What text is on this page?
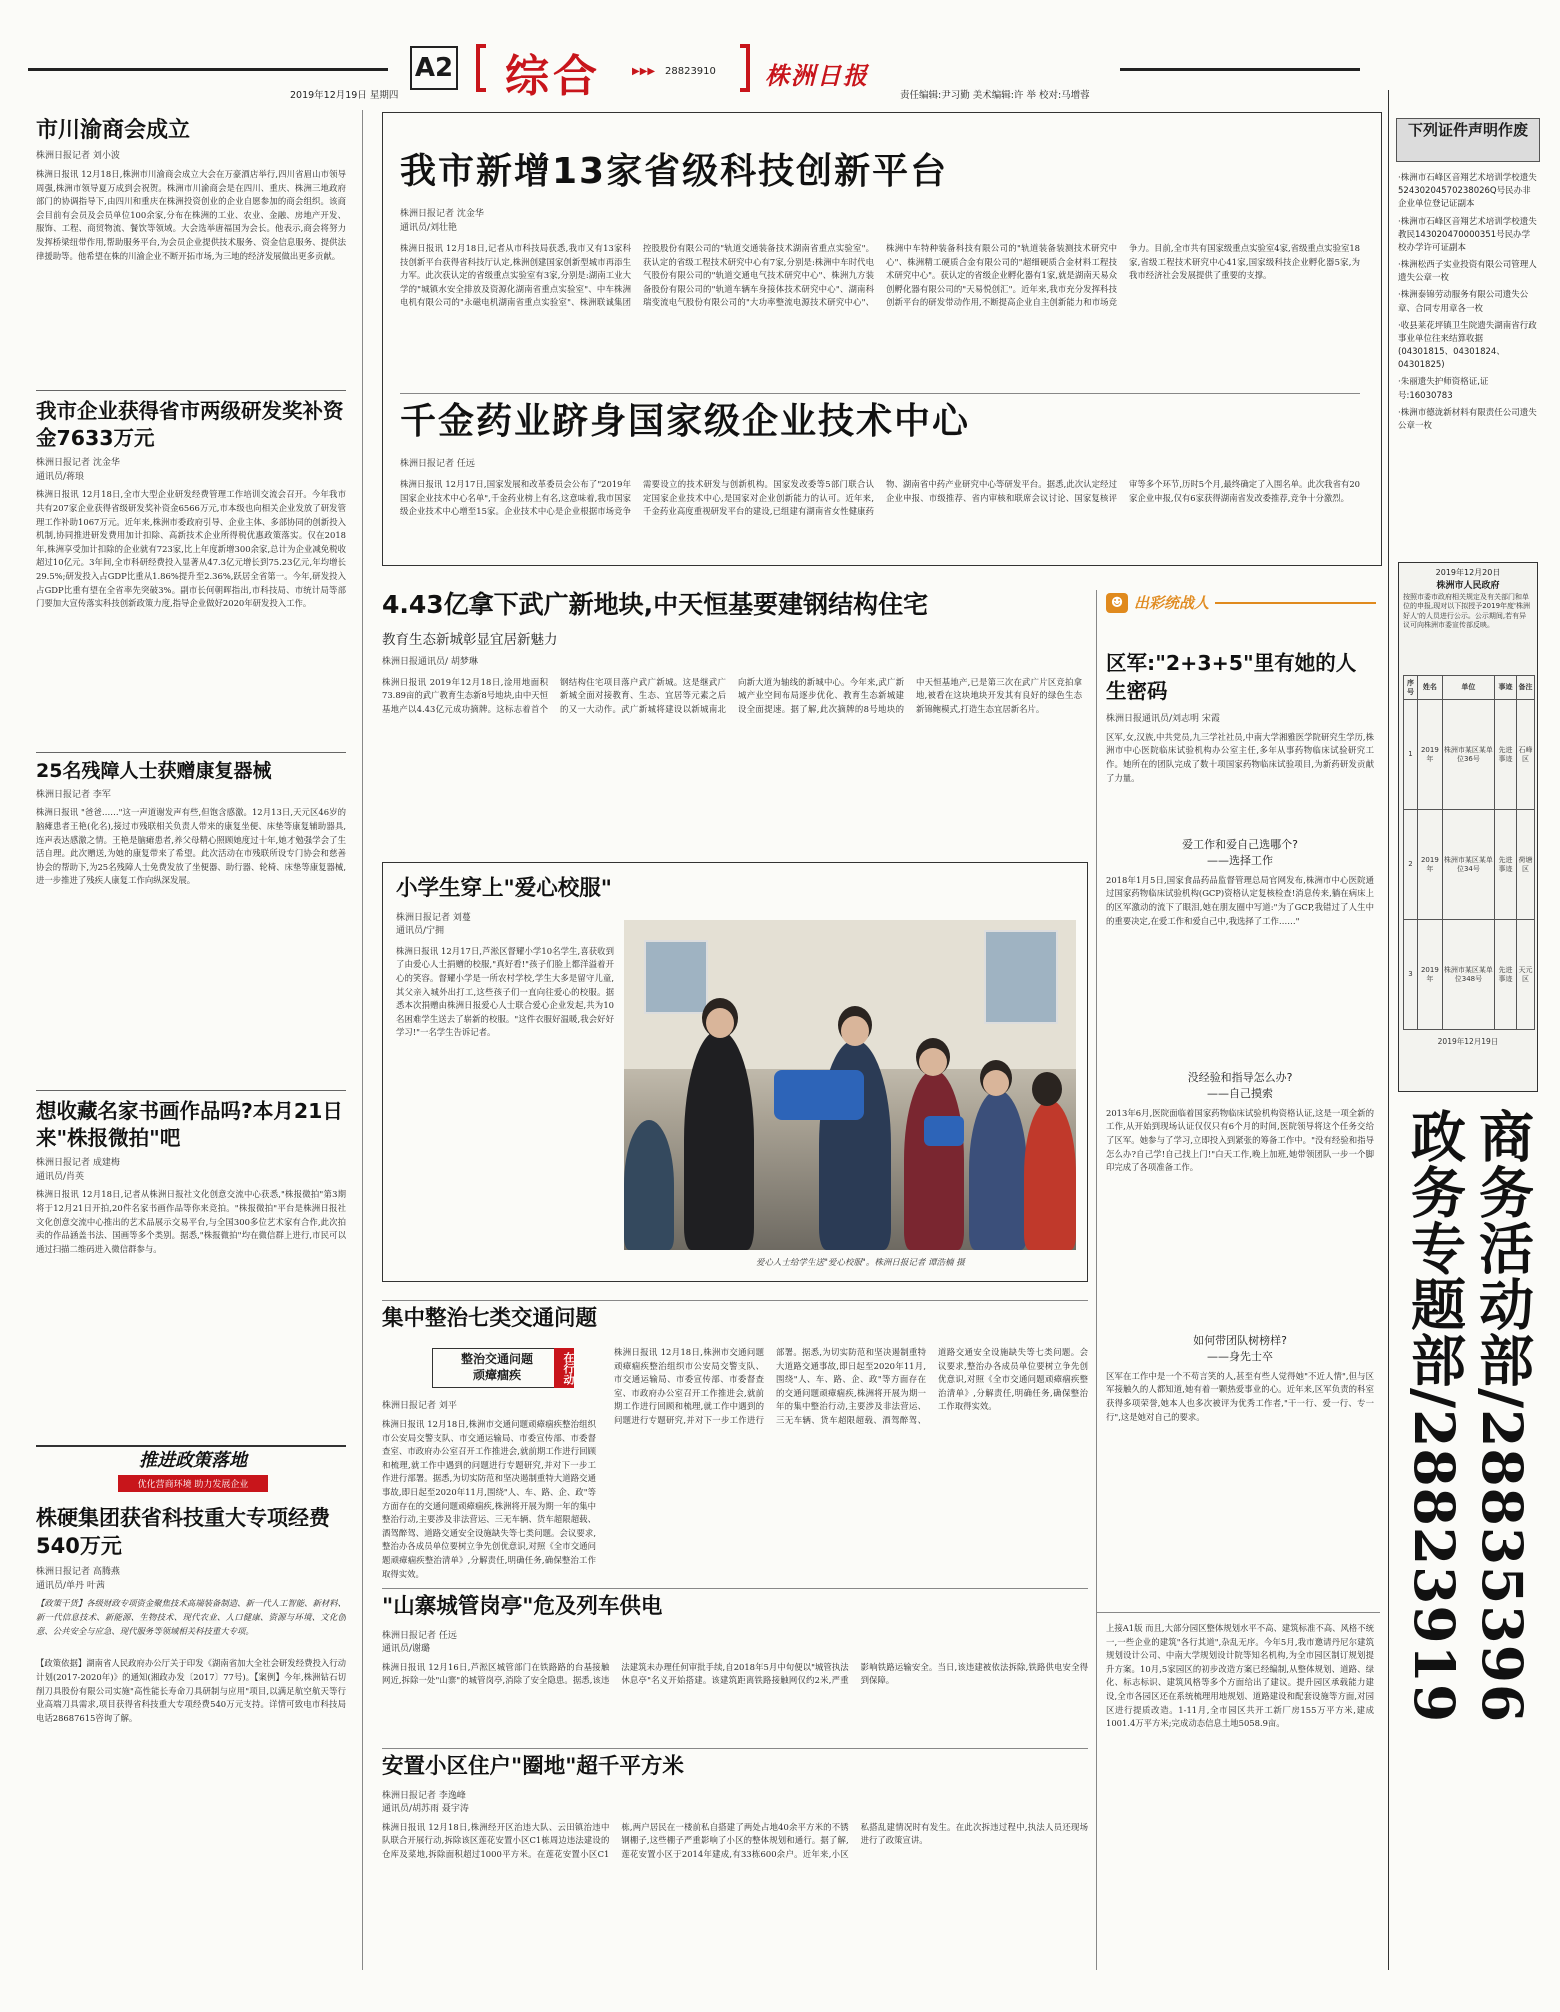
2019年12月19日 星期四
A2 综合	▶▶▶ 28823910 株洲日报
责任编辑:尹习勤 美术编辑:许 举 校对:马增蓉
市川渝商会成立
株洲日报记者 刘小波
株洲日报讯 12月18日,株洲市川渝商会成立大会在万豪酒店举行,四川省眉山市领导周强,株洲市领导夏万成到会祝贺。株洲市川渝商会是在四川、重庆、株洲三地政府部门的协调指导下,由四川和重庆在株洲投资创业的企业自愿参加的商会组织。该商会目前有会员及会员单位100余家,分布在株洲的工业、农业、金融、房地产开发、服饰、工程、商贸物流、餐饮等领域。大会选举唐福国为会长。他表示,商会将努力发挥桥梁纽带作用,帮助服务平台,为会员企业提供技术服务、资金信息服务、提供法律援助等。他希望在株的川渝企业不断开拓市场,为三地的经济发展做出更多贡献。
我市企业获得省市两级研发奖补资金7633万元
株洲日报记者 沈金华
通讯员/蒋琅
株洲日报讯 12月18日,全市大型企业研发经费管理工作培训交流会召开。今年我市共有207家企业获得省级研发奖补资金6566万元,市本级也向相关企业发放了研发管理工作补助1067万元。近年来,株洲市委政府引导、企业主体、多部协同的创新投入机制,协同推进研发费用加计扣除、高新技术企业所得税优惠政策落实。仅在2018年,株洲享受加计扣除的企业就有723家,比上年度新增300余家,总计为企业减免税收超过10亿元。3年间,全市科研经费投入显著从47.3亿元增长到75.23亿元,年均增长29.5%;研发投入占GDP比重从1.86%提升至2.36%,跃居全省第一。今年,研发投入占GDP比重有望在全省率先突破3%。副市长何朝晖指出,市科技局、市统计局等部门要加大宣传落实科技创新政策力度,指导企业做好2020年研发投入工作。
25名残障人士获赠康复器械
株洲日报记者 李军
株洲日报讯 "爸爸……"这一声道谢发声有些,但饱含感激。12月13日,天元区46岁的脑瘫患者王艳(化名),接过市残联相关负责人带来的康复坐便、床垫等康复辅助器具,连声表达感激之情。王艳是脑瘫患者,养父母精心照顾她度过十年,她才勉强学会了生活自理。此次赠送,为她的康复带来了希望。此次活动在市残联所设专门协会和慈善协会的帮助下,为25名残障人士免费发放了坐便器、助行器、轮椅、床垫等康复器械,进一步推进了残疾人康复工作向纵深发展。
想收藏名家书画作品吗?本月21日来"株报微拍"吧
株洲日报记者 成建梅
通讯员/肖英
株洲日报讯 12月18日,记者从株洲日报社文化创意交流中心获悉,"株报微拍"第3期将于12月21日开拍,20件名家书画作品等你来竞拍。"株报微拍"平台是株洲日报社文化创意交流中心推出的艺术品展示交易平台,与全国300多位艺术家有合作,此次拍卖的作品涵盖书法、国画等多个类别。据悉,"株报微拍"均在微信群上进行,市民可以通过扫描二维码进入微信群参与。
推进政策落地
优化营商环境 助力发展企业
株硬集团获省科技重大专项经费540万元
株洲日报记者 高腾燕
通讯员/单丹 叶茜
【政策干货】各级财政专项资金聚焦技术高端装备制造、新一代人工智能、新材料、新一代信息技术、新能源、生物技术、现代农业、人口健康、资源与环境、文化创意、公共安全与应急、现代服务等领域相关科技重大专项。
【政策依据】湖南省人民政府办公厅关于印发《湖南省加大全社会研发经费投入行动计划(2017-2020年)》的通知(湘政办发〔2017〕77号)。【案例】今年,株洲钻石切削刀具股份有限公司实施"高性能长寿命刀具研制与应用"项目,以满足航空航天等行业高端刀具需求,项目获得省科技重大专项经费540万元支持。详情可致电市科技局电话28687615咨询了解。
我市新增13家省级科技创新平台
株洲日报记者 沈金华
通讯员/刘壮艳
株洲日报讯 12月18日,记者从市科技局获悉,我市又有13家科技创新平台获得省科技厅认定,株洲创建国家创新型城市再添生力军。此次获认定的省级重点实验室有3家,分别是:湖南工业大学的"城镇水安全排放及资源化湖南省重点实验室"、中车株洲电机有限公司的"永磁电机湖南省重点实验室"、株洲联诚集团控股股份有限公司的"轨道交通装备技术湖南省重点实验室"。获认定的省级工程技术研究中心有7家,分别是:株洲中车时代电气股份有限公司的"轨道交通电气技术研究中心"、株洲九方装备股份有限公司的"轨道车辆车身接体技术研究中心"、湖南科瑞变流电气股份有限公司的"大功率整流电源技术研究中心"、株洲中车特种装备科技有限公司的"轨道装备装测技术研究中心"、株洲精工硬质合金有限公司的"超细硬质合金材料工程技术研究中心"。获认定的省级企业孵化器有1家,就是湖南天易众创孵化器有限公司的"天易悦创汇"。近年来,我市充分发挥科技创新平台的研发带动作用,不断提高企业自主创新能力和市场竞争力。目前,全市共有国家级重点实验室4家,省级重点实验室18家,省级工程技术研究中心41家,国家级科技企业孵化器5家,为我市经济社会发展提供了重要的支撑。
千金药业跻身国家级企业技术中心
株洲日报记者 任远
株洲日报讯 12月17日,国家发展和改革委员会公布了"2019年国家企业技术中心名单",千金药业榜上有名,这意味着,我市国家级企业技术中心增至15家。企业技术中心是企业根据市场竞争需要设立的技术研发与创新机构。国家发改委等5部门联合认定国家企业技术中心,是国家对企业创新能力的认可。近年来,千金药业高度重视研发平台的建设,已组建有湖南省女性健康药物、湖南省中药产业研究中心等研发平台。据悉,此次认定经过企业申报、市级推荐、省内审核和联席会议讨论、国家复核评审等多个环节,历时5个月,最终确定了入围名单。此次我省有20家企业申报,仅有6家获得湖南省发改委推荐,竞争十分激烈。
4.43亿拿下武广新地块,中天恒基要建钢结构住宅
教育生态新城彰显宜居新魅力
株洲日报通讯员/ 胡梦琳
株洲日报讯 2019年12月18日,淦用地面积73.89亩的武广教育生态新8号地块,由中天恒基地产以4.43亿元成功摘牌。这标志着首个钢结构住宅项目落户武广新城。这是继武广新城全面对接教育、生态、宜居等元素之后的又一大动作。武广新城将建设以新城南北向新大道为轴线的新城中心。今年来,武广新城产业空间布局逐步优化、教育生态新城建设全面提速。据了解,此次摘牌的8号地块的中天恒基地产,已是第三次在武广片区竞拍拿地,被看在这块地块开发其有良好的绿色生态新锦鲍模式,打造生态宜居新名片。
小学生穿上"爱心校服"
株洲日报记者 刘蔓
通讯员/宁拥
株洲日报讯 12月17日,芦淞区督耀小学10名学生,喜获收到了由爱心人士捐赠的校服,"真好看!"孩子们脸上都洋溢着开心的笑容。督耀小学是一所农村学校,学生大多是留守儿童,其父亲入城外出打工,这些孩子们一直向往爱心的校服。据悉本次捐赠由株洲日报爱心人士联合爱心企业发起,共为10名困难学生送去了崭新的校服。"这件衣服好温暖,我会好好学习!"一名学生告诉记者。
爱心人士给学生送"爱心校服"。株洲日报记者 谭浩楠 摄
集中整治七类交通问题
整治交通问题
顽瘴痼疾	在行动
株洲日报记者 刘平
株洲日报讯 12月18日,株洲市交通问题顽瘴痼疾整治组织市公安局交警支队、市交通运输局、市委宣传部、市委督查室、市政府办公室召开工作推进会,就前期工作进行回顾和梳理,就工作中遇到的问题进行专题研究,并对下一步工作进行部署。据悉,为切实防范和坚决遏制重特大道路交通事故,即日起至2020年11月,围绕"人、车、路、企、政"等方面存在的交通问题顽瘴痼疾,株洲将开展为期一年的集中整治行动,主要涉及非法营运、三无车辆、货车超限超载、酒驾醉驾、道路交通安全设施缺失等七类问题。会议要求,整治办各成员单位要树立争先创优意识,对照《全市交通问题顽瘴痼疾整治清单》,分解责任,明确任务,确保整治工作取得实效。
株洲日报讯 12月18日,株洲市交通问题顽瘴痼疾整治组织市公安局交警支队、市交通运输局、市委宣传部、市委督查室、市政府办公室召开工作推进会,就前期工作进行回顾和梳理,就工作中遇到的问题进行专题研究,并对下一步工作进行部署。据悉,为切实防范和坚决遏制重特大道路交通事故,即日起至2020年11月,围绕"人、车、路、企、政"等方面存在的交通问题顽瘴痼疾,株洲将开展为期一年的集中整治行动,主要涉及非法营运、三无车辆、货车超限超载、酒驾醉驾、道路交通安全设施缺失等七类问题。会议要求,整治办各成员单位要树立争先创优意识,对照《全市交通问题顽瘴痼疾整治清单》,分解责任,明确任务,确保整治工作取得实效。
"山寨城管岗亭"危及列车供电
株洲日报记者 任远
通讯员/谢璐
株洲日报讯 12月16日,芦淞区城管部门在铁路路的台基接触网近,拆除一处"山寨"的城管岗亭,消除了安全隐患。据悉,该违法建筑未办理任何审批手续,自2018年5月中旬便以"城管执法休息亭"名义开始搭建。该建筑距离铁路接触网仅约2米,严重影响铁路运输安全。当日,该违建被依法拆除,铁路供电安全得到保障。
安置小区住户"圈地"超千平方米
株洲日报记者 李逸峰
通讯员/胡苏雨 聂宇涛
株洲日报讯 12月18日,株洲经开区治违大队、云田镇治违中队联合开展行动,拆除该区莲花安置小区C1栋周边违法建设的仓库及菜地,拆除面积超过1000平方米。在莲花安置小区C1栋,两户居民在一楼前私自搭建了两处占地40余平方米的不锈钢棚子,这些棚子严重影响了小区的整体规划和通行。据了解,莲花安置小区于2014年建成,有33栋600余户。近年来,小区私搭乱建情况时有发生。在此次拆违过程中,执法人员还现场进行了政策宣讲。
☻ 出彩统战人
区军:"2+3+5"里有她的人生密码
株洲日报通讯员/刘志明 宋霞
区军,女,汉族,中共党员,九三学社社员,中南大学湘雅医学院研究生学历,株洲市中心医院临床试验机构办公室主任,多年从事药物临床试验研究工作。她所在的团队完成了数十项国家药物临床试验项目,为新药研发贡献了力量。
爱工作和爱自己选哪个?
——选择工作
2018年1月5日,国家食品药品监督管理总局官网发布,株洲市中心医院通过国家药物临床试验机构(GCP)资格认定复核检查!消息传来,躺在病床上的区军激动的流下了眼泪,她在朋友圈中写道:"为了GCP,我错过了人生中的重要决定,在爱工作和爱自己中,我选择了工作……"
没经验和指导怎么办?
——自己摸索
2013年6月,医院面临着国家药物临床试验机构资格认证,这是一项全新的工作,从开始到现场认证仅仅只有6个月的时间,医院领导将这个任务交给了区军。她参与了学习,立即投入到紧张的筹备工作中。"没有经验和指导怎么办?自己学!自己找上门!"白天工作,晚上加班,她带领团队一步一个脚印完成了各项准备工作。
如何带团队树榜样?
——身先士卒
区军在工作中是一个不苟言笑的人,甚至有些人觉得她"不近人情",但与区军接触久的人都知道,她有着一颗热爱事业的心。近年来,区军负责的科室获得多项荣誉,她本人也多次被评为优秀工作者,"干一行、爱一行、专一行",这是她对自己的要求。
上接A1版 而且,大部分园区整体规划水平不高、建筑标准不高、风格不统一,一些企业的建筑"各行其道",杂乱无序。今年5月,我市邀请丹尼尔建筑规划设计公司、中南大学规划设计院等知名机构,为全市园区制订规划提升方案。10月,5家园区的初步改造方案已经编制,从整体规划、道路、绿化、标志标识、建筑风格等多个方面给出了建议。提升园区承载能力建设,全市各园区还在系统梳理用地规划、道路建设和配套设施等方面,对园区进行提质改造。1-11月,全市园区共开工新厂房155万平方米,建成1001.4万平方米;完成动态信息土地5058.9亩。
下列证件声明作废
·株洲市石峰区音翔艺术培训学校遗失52430204570238026Q号民办非企业单位登记证副本
·株洲市石峰区音翔艺术培训学校遗失教民143020470000351号民办学校办学许可证副本
·株洲松西子实业投资有限公司管理人遗失公章一枚
·株洲泰锦劳动服务有限公司遗失公章、合同专用章各一枚
·收县莱花坪镇卫生院遗失湖南省行政事业单位往来结算收据(04301815、04301824、04301825)
·朱丽遗失护师资格证,证号:16030783
·株洲市德泷新材料有限责任公司遗失公章一枚
2019年12月20日
株洲市人民政府
按照市委市政府相关规定及有关部门和单位的申报,现对以下拟授予2019年度'株洲好人'的人员进行公示。公示期间,若有异议可向株洲市委宣传部反映。
序号	姓名	单位	事迹	备注
1	2019年	株洲市某区某单位36号	先进事迹	石峰区
2	2019年	株洲市某区某单位34号	先进事迹	荷塘区
3	2019年	株洲市某区某单位348号	先进事迹	天元区
2019年12月19日
商务活动部/28835396
政务专题部/28823919
